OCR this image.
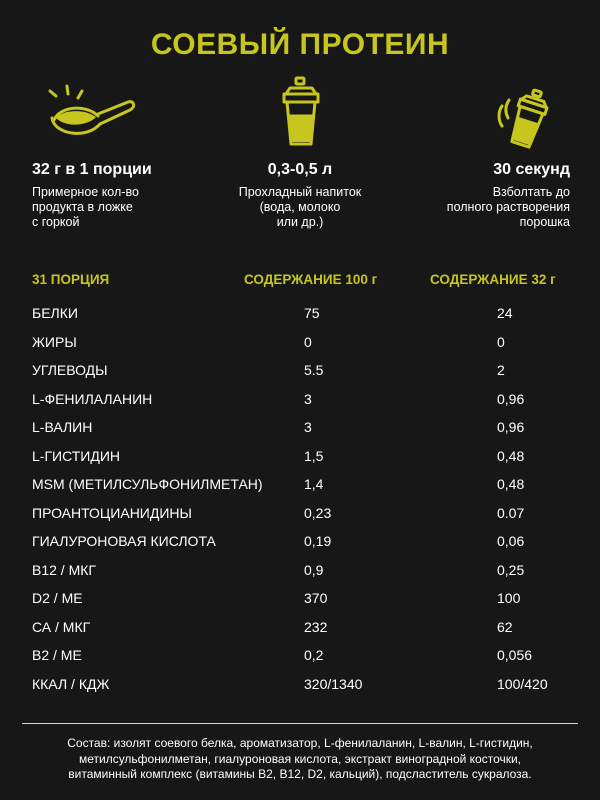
СОЕВЫЙ ПРОТЕИН
32 г в 1 порции
Примерное кол-во
продукта в ложке
с горкой
0,3-0,5 л
Прохладный напиток
(вода, молоко
или др.)
30 секунд
Взболтать до
полного растворения
порошка
31 ПОРЦИЯ	СОДЕРЖАНИЕ 100 г	СОДЕРЖАНИЕ 32 г
БЕЛКИ	75	24
ЖИРЫ	0	0
УГЛЕВОДЫ	5.5	2
L-ФЕНИЛАЛАНИН	3	0,96
L-ВАЛИН	3	0,96
L-ГИСТИДИН	1,5	0,48
MSM (МЕТИЛСУЛЬФОНИЛМЕТАН)	1,4	0,48
ПРОАНТОЦИАНИДИНЫ	0,23	0.07
ГИАЛУРОНОВАЯ КИСЛОТА	0,19	0,06
B12 / МКГ	0,9	0,25
D2 / МЕ	370	100
СА / МКГ	232	62
B2 / МЕ	0,2	0,056
ККАЛ / КДЖ	320/1340	100/420
Состав: изолят соевого белка, ароматизатор, L-фенилаланин, L-валин, L-гистидин,
метилсульфонилметан, гиалуроновая кислота, экстракт виноградной косточки,
витаминный комплекс (витамины B2, B12, D2, кальций), подсластитель сукралоза.
